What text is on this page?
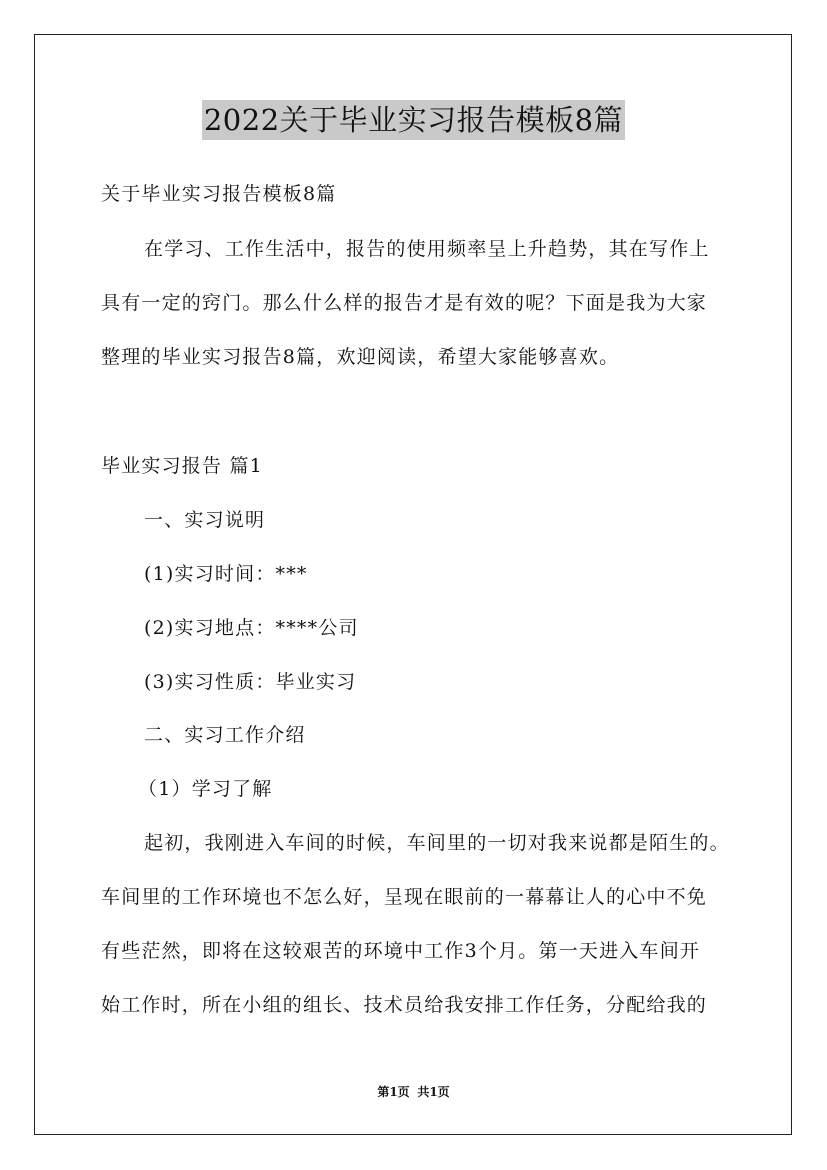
2022关于毕业实习报告模板8篇
关于毕业实习报告模板8篇
在学习、工作生活中，报告的使用频率呈上升趋势，其在写作上
具有一定的窍门。那么什么样的报告才是有效的呢？下面是我为大家
整理的毕业实习报告8篇，欢迎阅读，希望大家能够喜欢。
毕业实习报告 篇1
一、实习说明
(1)实习时间：***
(2)实习地点：****公司
(3)实习性质：毕业实习
二、实习工作介绍
（1）学习了解
起初，我刚进入车间的时候，车间里的一切对我来说都是陌生的。
车间里的工作环境也不怎么好，呈现在眼前的一幕幕让人的心中不免
有些茫然，即将在这较艰苦的环境中工作3个月。第一天进入车间开
始工作时，所在小组的组长、技术员给我安排工作任务，分配给我的
第1页 共1页
